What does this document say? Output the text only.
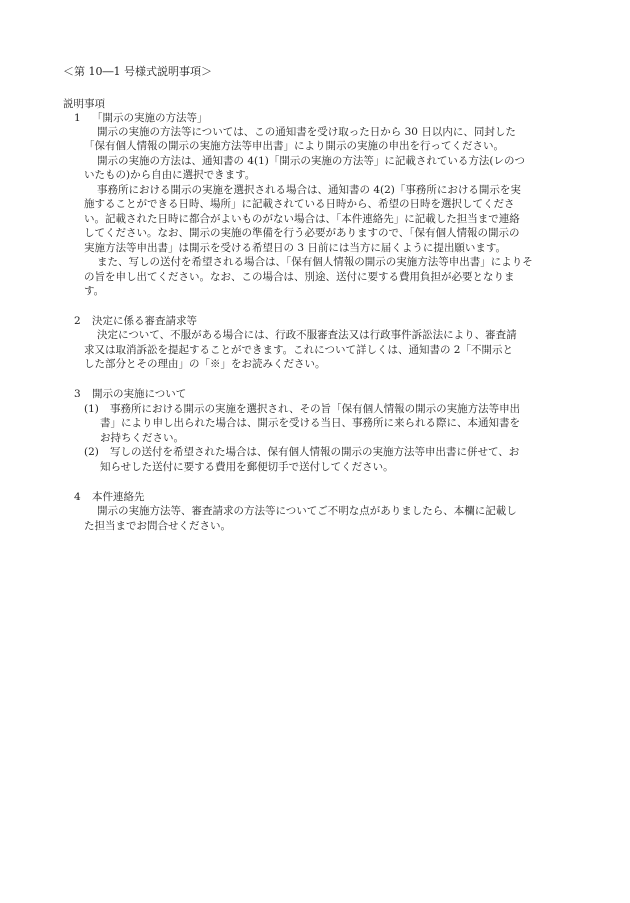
＜第 10―1 号様式説明事項＞
説明事項
1 「開示の実施の方法等」
開示の実施の方法等については、この通知書を受け取った日から 30 日以内に、同封した
「保有個人情報の開示の実施方法等申出書」により開示の実施の申出を行ってください。
開示の実施の方法は、通知書の 4(1)「開示の実施の方法等」に記載されている方法(レのつ
いたもの)から自由に選択できます。
事務所における開示の実施を選択される場合は、通知書の 4(2)「事務所における開示を実
施することができる日時、場所」に記載されている日時から、希望の日時を選択してくださ
い。記載された日時に都合がよいものがない場合は、「本件連絡先」に記載した担当まで連絡
してください。なお、開示の実施の準備を行う必要がありますので、「保有個人情報の開示の
実施方法等申出書」は開示を受ける希望日の 3 日前には当方に届くように提出願います。
また、写しの送付を希望される場合は、「保有個人情報の開示の実施方法等申出書」によりそ
の旨を申し出てください。なお、この場合は、別途、送付に要する費用負担が必要となりま
す。
2 決定に係る審査請求等
決定について、不服がある場合には、行政不服審査法又は行政事件訴訟法により、審査請
求又は取消訴訟を提起することができます。これについて詳しくは、通知書の 2「不開示と
した部分とその理由」の「※」をお読みください。
3 開示の実施について
(1) 事務所における開示の実施を選択され、その旨「保有個人情報の開示の実施方法等申出
書」により申し出られた場合は、開示を受ける当日、事務所に来られる際に、本通知書を
お持ちください。
(2) 写しの送付を希望された場合は、保有個人情報の開示の実施方法等申出書に併せて、お
知らせした送付に要する費用を郵便切手で送付してください。
4 本件連絡先
開示の実施方法等、審査請求の方法等についてご不明な点がありましたら、本欄に記載し
た担当までお問合せください。
